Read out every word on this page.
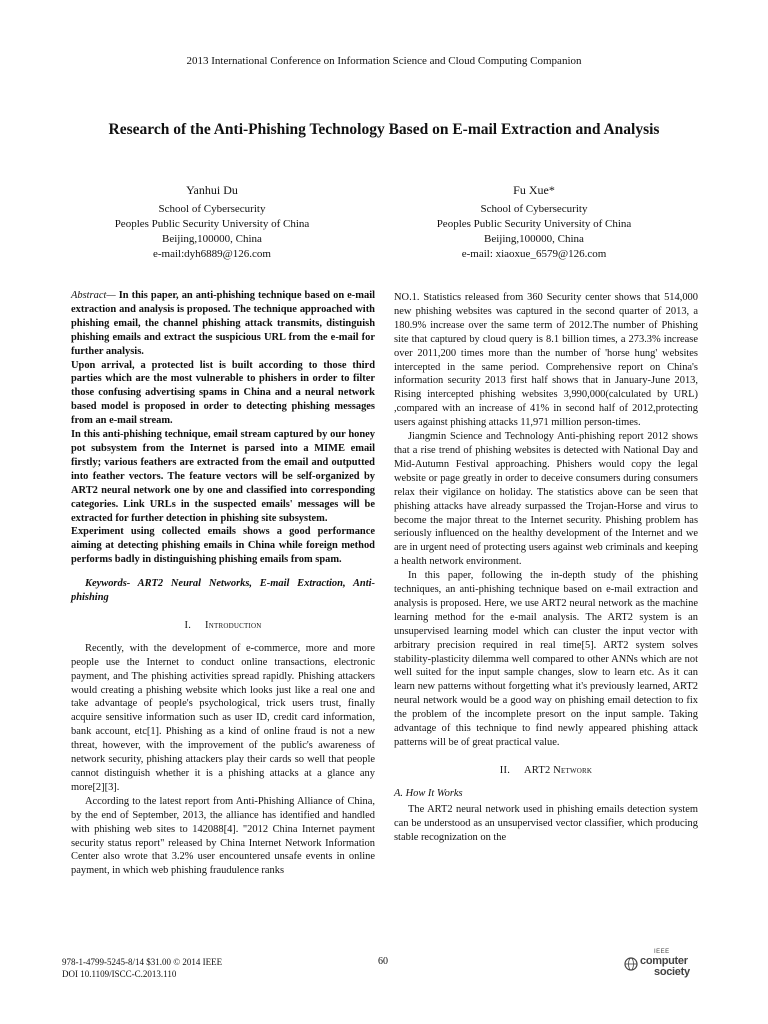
2013 International Conference on Information Science and Cloud Computing Companion
Research of the Anti-Phishing Technology Based on E-mail Extraction and Analysis
Yanhui Du
School of Cybersecurity
Peoples Public Security University of China
Beijing,100000, China
e-mail:dyh6889@126.com
Fu Xue*
School of Cybersecurity
Peoples Public Security University of China
Beijing,100000, China
e-mail: xiaoxue_6579@126.com

Abstract— In this paper, an anti-phishing technique based on e-mail extraction and analysis is proposed. The technique approached with phishing email, the channel phishing attack transmits, distinguish phishing emails and extract the suspicious URL from the e-mail for further analysis.

Upon arrival, a protected list is built according to those third parties which are the most vulnerable to phishers in order to filter those confusing advertising spams in China and a neural network based model is proposed in order to detecting phishing messages from an e-mail stream.

In this anti-phishing technique, email stream captured by our honey pot subsystem from the Internet is parsed into a MIME email firstly; various feathers are extracted from the email and outputted into feather vectors. The feature vectors will be self-organized by ART2 neural network one by one and classified into corresponding categories. Link URLs in the suspected emails' messages will be extracted for further detection in phishing site subsystem.

Experiment using collected emails shows a good performance aiming at detecting phishing emails in China while foreign method performs badly in distinguishing phishing emails from spam.

Keywords- ART2 Neural Networks, E-mail Extraction, Anti-phishing

I. Introduction

Recently, with the development of e-commerce, more and more people use the Internet to conduct online transactions, electronic payment, and The phishing activities spread rapidly. Phishing attackers would creating a phishing website which looks just like a real one and take advantage of people's psychological, trick users trust, finally acquire sensitive information such as user ID, credit card information, bank account, etc[1]. Phishing as a kind of online fraud is not a new threat, however, with the improvement of the public's awareness of network security, phishing attackers play their cards so well that people cannot distinguish whether it is a phishing attacks at a glance any more[2][3].

According to the latest report from Anti-Phishing Alliance of China, by the end of September, 2013, the alliance has identified and handled with phishing web sites to 142088[4]. "2012 China Internet payment security status report" released by China Internet Network Information Center also wrote that 3.2% user encountered unsafe events in online payment, in which web phishing fraudulence ranks

NO.1. Statistics released from 360 Security center shows that 514,000 new phishing websites was captured in the second quarter of 2013, a 180.9% increase over the same term of 2012.The number of Phishing site that captured by cloud query is 8.1 billion times, a 273.3% increase over 2011,200 times more than the number of 'horse hung' websites intercepted in the same period. Comprehensive report on China's information security 2013 first half shows that in January-June 2013, Rising intercepted phishing websites 3,990,000(calculated by URL) ,compared with an increase of 41% in second half of 2012,protecting users against phishing attacks 11,971 million person-times.

Jiangmin Science and Technology Anti-phishing report 2012 shows that a rise trend of phishing websites is detected with National Day and Mid-Autumn Festival approaching. Phishers would copy the legal website or page greatly in order to deceive consumers during consumers relax their vigilance on holiday. The statistics above can be seen that phishing attacks have already surpassed the Trojan-Horse and virus to become the major threat to the Internet security. Phishing problem has seriously influenced on the healthy development of the Internet and we are in urgent need of protecting users against web criminals and keeping a health network environment.

In this paper, following the in-depth study of the phishing techniques, an anti-phishing technique based on e-mail extraction and analysis is proposed. Here, we use ART2 neural network as the machine learning method for the e-mail analysis. The ART2 system is an unsupervised learning model which can cluster the input vector with arbitrary precision required in real time[5]. ART2 system solves stability-plasticity dilemma well compared to other ANNs which are not well suited for the input sample changes, slow to learn etc. As it can learn new patterns without forgetting what it's previously learned, ART2 neural network would be a good way on phishing email detection to fix the problem of the incomplete presort on the input sample. Taking advantage of this technique to find newly appeared phishing attack patterns will be of great practical value.

II. ART2 Network

A. How It Works

The ART2 neural network used in phishing emails detection system can be understood as an unsupervised vector classifier, which producing stable recognization on the

978-1-4799-5245-8/14 $31.00 © 2014 IEEE
DOI 10.1109/ISCC-C.2013.110
60
IEEE
computer
society
